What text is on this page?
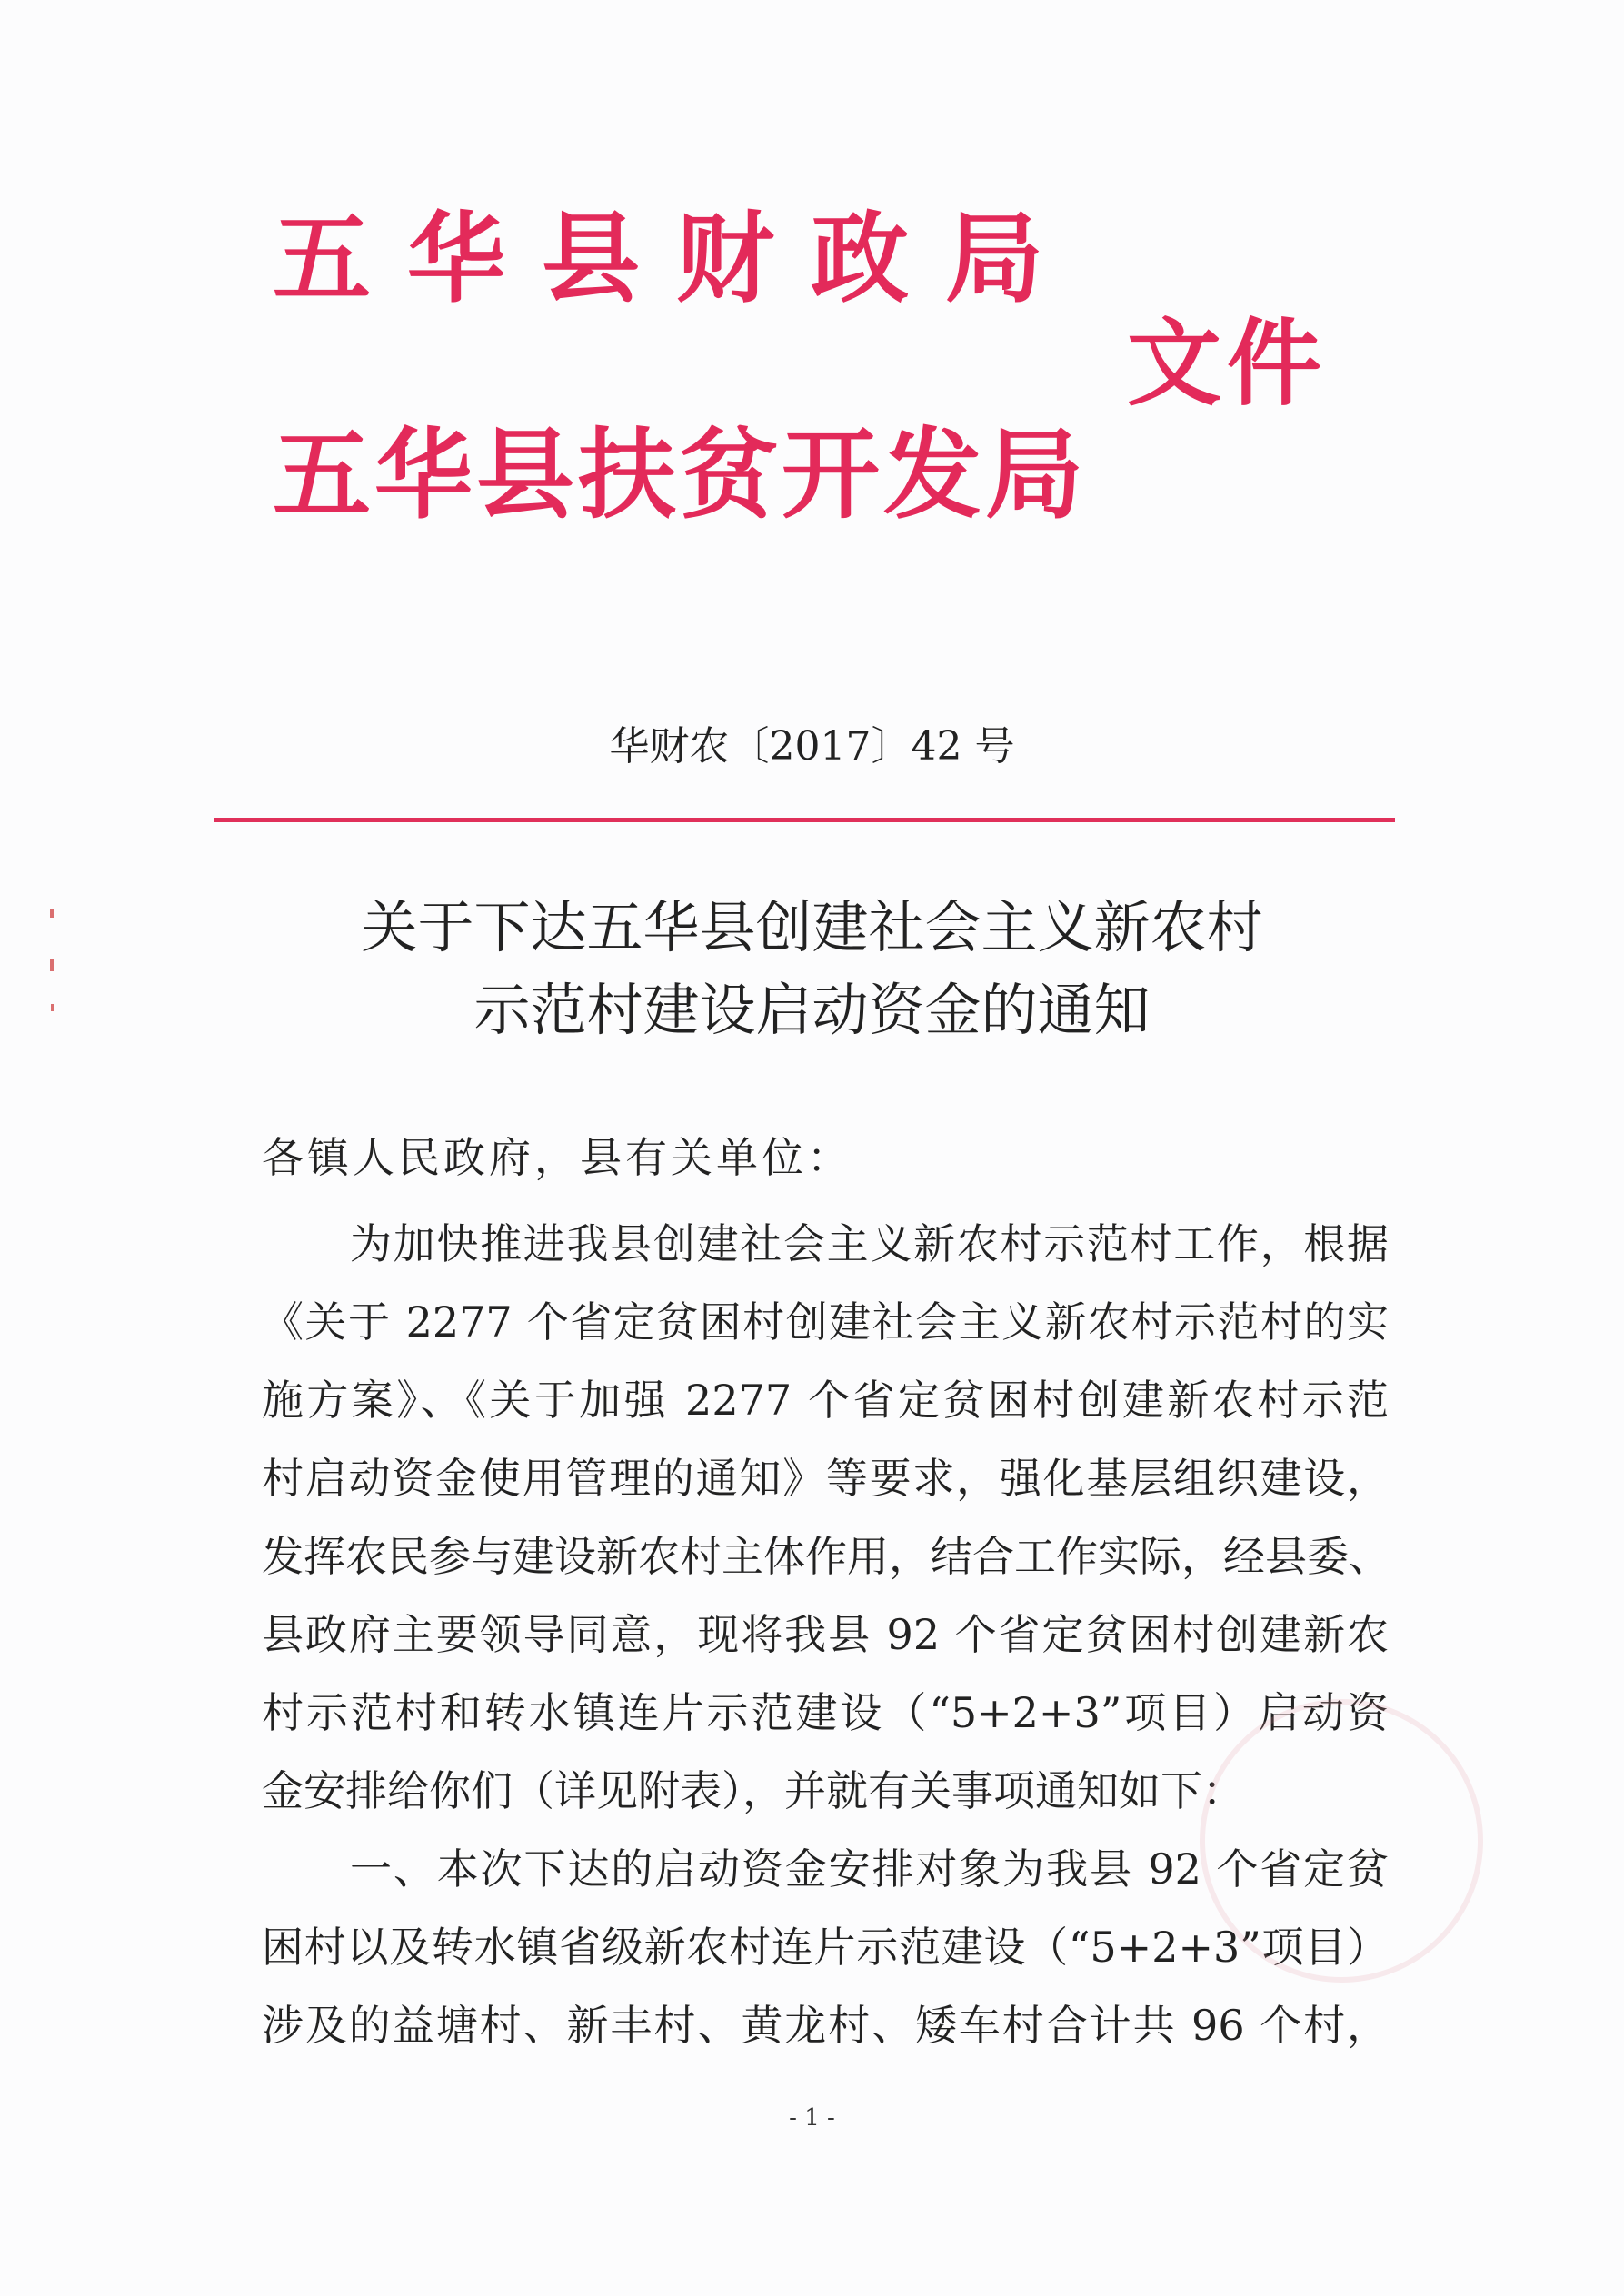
五华县财政局
五华县扶贫开发局
文件
华财农〔2017〕42 号
关于下达五华县创建社会主义新农村
示范村建设启动资金的通知
各镇人民政府，县有关单位：
为加快推进我县创建社会主义新农村示范村工作，根据
《关于 2277 个省定贫困村创建社会主义新农村示范村的实
施方案》、《关于加强 2277 个省定贫困村创建新农村示范
村启动资金使用管理的通知》等要求，强化基层组织建设，
发挥农民参与建设新农村主体作用，结合工作实际，经县委、
县政府主要领导同意，现将我县 92 个省定贫困村创建新农
村示范村和转水镇连片示范建设（“5+2+3”项目）启动资
金安排给你们（详见附表），并就有关事项通知如下：
一、本次下达的启动资金安排对象为我县 92 个省定贫
困村以及转水镇省级新农村连片示范建设（“5+2+3”项目）
涉及的益塘村、新丰村、黄龙村、矮车村合计共 96 个村，
- 1 -
